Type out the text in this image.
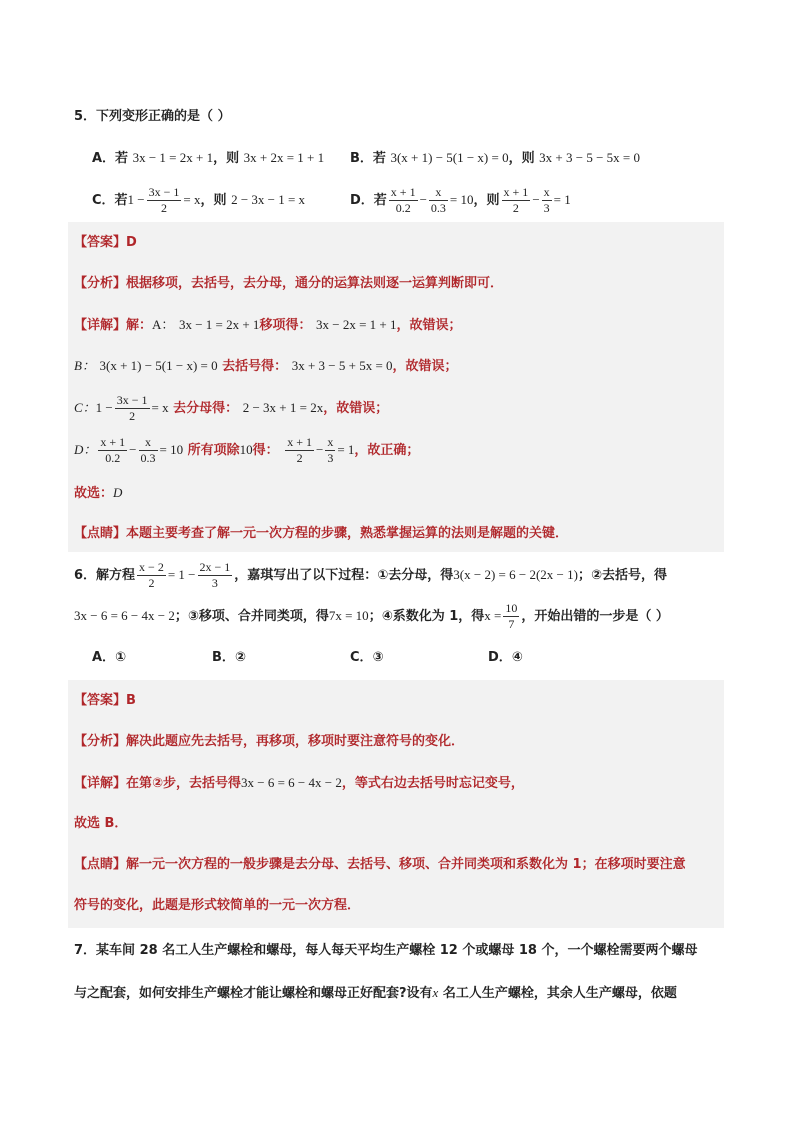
5．下列变形正确的是（ ）
A．若 3x − 1 = 2x + 1，则 3x + 2x = 1 + 1 B．若 3(x + 1) − 5(1 − x) = 0，则 3x + 3 − 5 − 5x = 0
C．若$1 - \frac{3x - 1}{2} = x$，则 2 − 3x − 1 = x	D．若 $\frac{x + 1}{0.2} - \frac{x}{0.3} = 10$，则 $\frac{x + 1}{2} - \frac{x}{3} = 1$
【答案】D
【分析】根据移项，去括号，去分母，通分的运算法则逐一运算判断即可．
【详解】解：A： 3x − 1 = 2x + 1移项得： 3x − 2x = 1 + 1，故错误；
B： 3(x + 1) − 5(1 − x) = 0 去括号得： 3x + 3 − 5 + 5x = 0，故错误；
C：$1 - \frac{3x - 1}{2} = x$ 去分母得： 2 − 3x + 1 = 2x，故错误；
D： $\frac{x + 1}{0.2} - \frac{x}{0.3} = 10$ 所有项除10得： $\frac{x + 1}{2} - \frac{x}{3} = 1$，故正确；
故选：D
【点睛】本题主要考查了解一元一次方程的步骤，熟悉掌握运算的法则是解题的关键．
6．解方程 $\frac{x - 2}{2} = 1 - \frac{2x - 1}{3}$ ，嘉琪写出了以下过程：①去分母，得3(x − 2) = 6 − 2(2x − 1)；②去括号，得
3x − 6 = 6 − 4x − 2；③移项、合并同类项，得7x = 10；④系数化为 1，得$x = \frac{10}{7}$ ，开始出错的一步是（ ）
A．①	B．②	C．③	D．④
【答案】B
【分析】解决此题应先去括号，再移项，移项时要注意符号的变化．
【详解】在第②步，去括号得3x − 6 = 6 − 4x − 2，等式右边去括号时忘记变号，
故选 B．
【点睛】解一元一次方程的一般步骤是去分母、去括号、移项、合并同类项和系数化为 1；在移项时要注意
符号的变化，此题是形式较简单的一元一次方程．
7．某车间 28 名工人生产螺栓和螺母，每人每天平均生产螺栓 12 个或螺母 18 个，一个螺栓需要两个螺母
与之配套，如何安排生产螺栓才能让螺栓和螺母正好配套?设有x 名工人生产螺栓，其余人生产螺母，依题
